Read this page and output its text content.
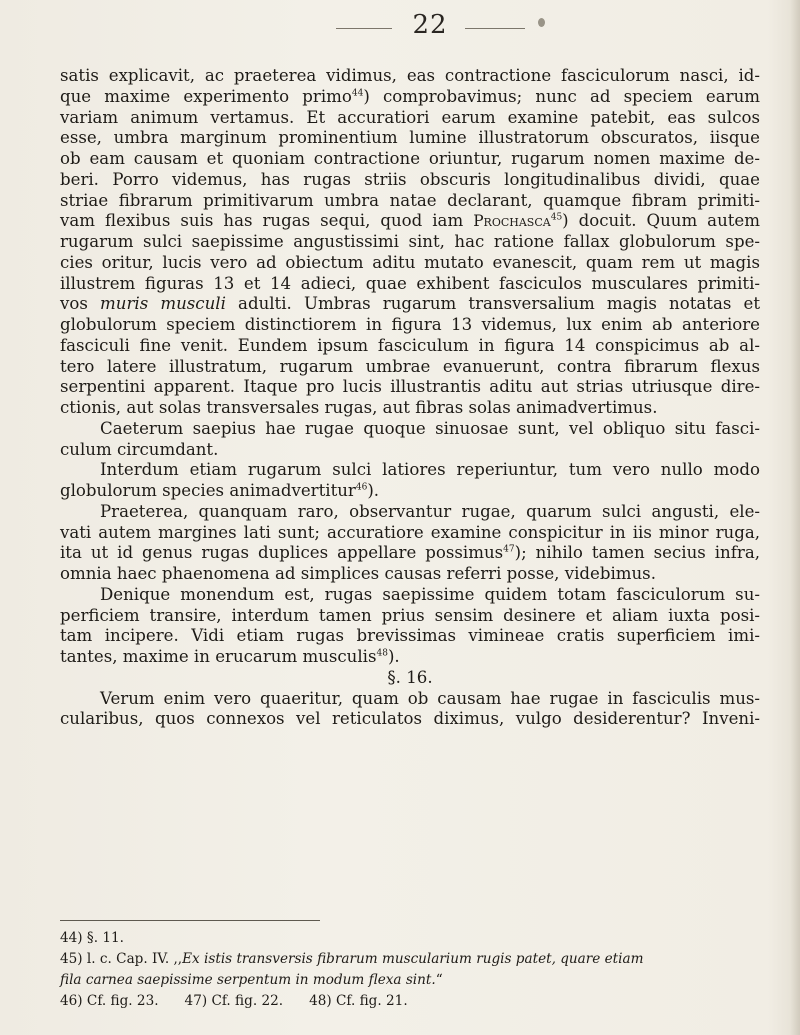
22

satis explicavit, ac praeterea vidimus, eas contractione fasciculorum nasci, id-

que maxime experimento primo$^{44}$) comprobavimus; nunc ad speciem earum

variam animum vertamus. Et accuratiori earum examine patebit, eas sulcos

esse, umbra marginum prominentium lumine illustratorum obscuratos, iisque

ob eam causam et quoniam contractione oriuntur, rugarum nomen maxime de-

beri. Porro videmus, has rugas striis obscuris longitudinalibus dividi, quae

striae fibrarum primitivarum umbra natae declarant, quamque fibram primiti-

vam flexibus suis has rugas sequi, quod iam Prochasca$^{45}$) docuit. Quum autem

rugarum sulci saepissime angustissimi sint, hac ratione fallax globulorum spe-

cies oritur, lucis vero ad obiectum aditu mutato evanescit, quam rem ut magis

illustrem figuras 13 et 14 adieci, quae exhibent fasciculos musculares primiti-

vos muris musculi adulti. Umbras rugarum transversalium magis notatas et

globulorum speciem distinctiorem in figura 13 videmus, lux enim ab anteriore

fasciculi fine venit. Eundem ipsum fasciculum in figura 14 conspicimus ab al-

tero latere illustratum, rugarum umbrae evanuerunt, contra fibrarum flexus

serpentini apparent. Itaque pro lucis illustrantis aditu aut strias utriusque dire-

ctionis, aut solas transversales rugas, aut fibras solas animadvertimus.

Caeterum saepius hae rugae quoque sinuosae sunt, vel obliquo situ fasci-

culum circumdant.

Interdum etiam rugarum sulci latiores reperiuntur, tum vero nullo modo

globulorum species animadvertitur$^{46}$).

Praeterea, quanquam raro, observantur rugae, quarum sulci angusti, ele-

vati autem margines lati sunt; accuratiore examine conspicitur in iis minor ruga,

ita ut id genus rugas duplices appellare possimus$^{47}$); nihilo tamen secius infra,

omnia haec phaenomena ad simplices causas referri posse, videbimus.

Denique monendum est, rugas saepissime quidem totam fasciculorum su-

perficiem transire, interdum tamen prius sensim desinere et aliam iuxta posi-

tam incipere. Vidi etiam rugas brevissimas vimineae cratis superficiem imi-

tantes, maxime in erucarum musculis$^{48}$).

§. 16.

Verum enim vero quaeritur, quam ob causam hae rugae in fasciculis mus-

cularibus, quos connexos vel reticulatos diximus, vulgo desiderentur? Inveni-

44) §. 11.
45) l. c. Cap. IV. ,,Ex istis transversis fibrarum muscularium rugis patet, quare etiam
fila carnea saepissime serpentum in modum flexa sint.“
46) Cf. fig. 23. 47) Cf. fig. 22. 48) Cf. fig. 21.
